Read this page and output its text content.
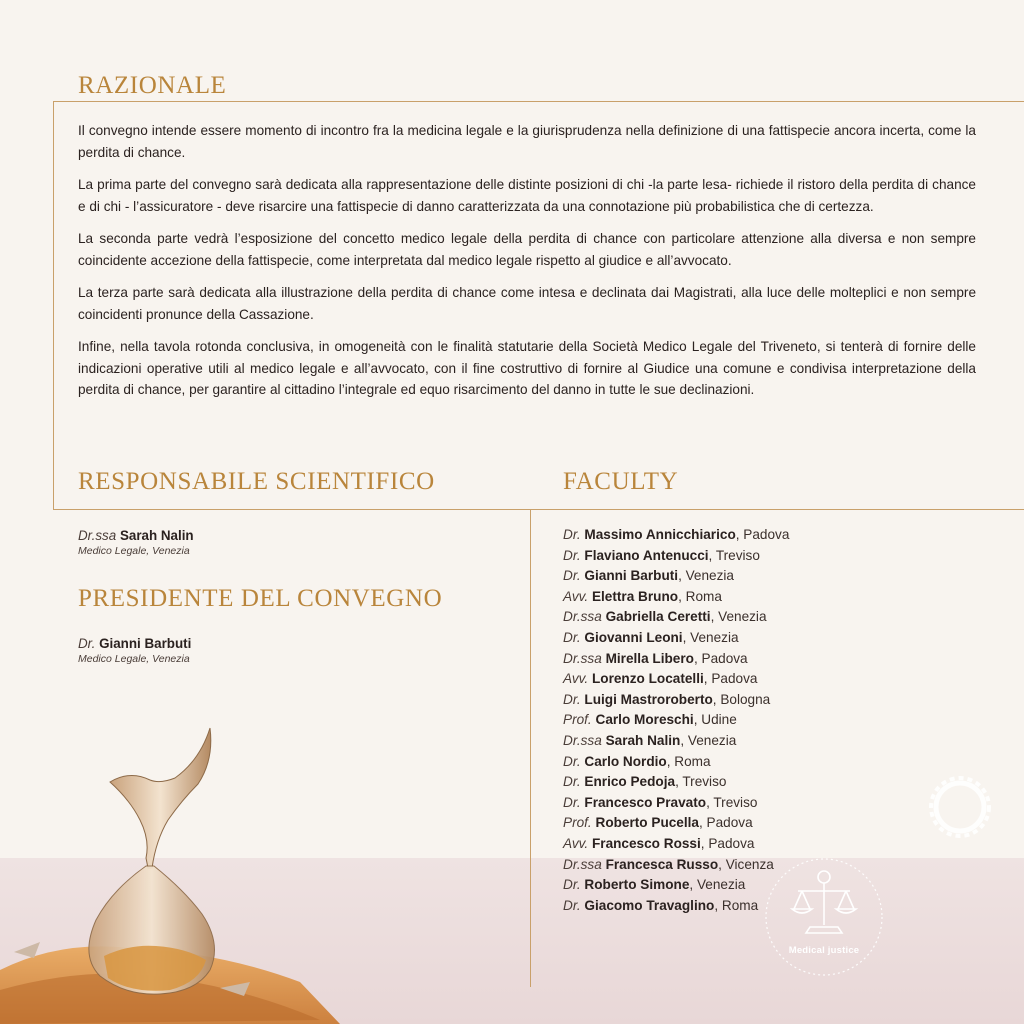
RAZIONALE

Il convegno intende essere momento di incontro fra la medicina legale e la giurisprudenza nella definizione di una fattispecie ancora incerta, come la perdita di chance.

La prima parte del convegno sarà dedicata alla rappresentazione delle distinte posizioni di chi -la parte lesa- richiede il ristoro della perdita di chance e di chi - l’assicuratore - deve risarcire una fattispecie di danno caratterizzata da una connotazione più probabilistica che di certezza.

La seconda parte vedrà l’esposizione del concetto medico legale della perdita di chance con particolare attenzione alla diversa e non sempre coincidente accezione della fattispecie, come interpretata dal medico legale rispetto al giudice e all’avvocato.

La terza parte sarà dedicata alla illustrazione della perdita di chance come intesa e declinata dai Magistrati, alla luce delle molteplici e non sempre coincidenti pronunce della Cassazione.

Infine, nella tavola rotonda conclusiva, in omogeneità con le finalità statutarie della Società Medico Legale del Triveneto, si tenterà di fornire delle indicazioni operative utili al medico legale e all’avvocato, con il fine costruttivo di fornire al Giudice una comune e condivisa interpretazione della perdita di chance, per garantire al cittadino l’integrale ed equo risarcimento del danno in tutte le sue declinazioni.

RESPONSABILE SCIENTIFICO
Dr.ssa Sarah Nalin
Medico Legale, Venezia
PRESIDENTE DEL CONVEGNO
Dr. Gianni Barbuti
Medico Legale, Venezia
FACULTY
Dr. Massimo Annicchiarico, Padova
Dr. Flaviano Antenucci, Treviso
Dr. Gianni Barbuti, Venezia
Avv. Elettra Bruno, Roma
Dr.ssa Gabriella Ceretti, Venezia
Dr. Giovanni Leoni, Venezia
Dr.ssa Mirella Libero, Padova
Avv. Lorenzo Locatelli, Padova
Dr. Luigi Mastroroberto, Bologna
Prof. Carlo Moreschi, Udine
Dr.ssa Sarah Nalin, Venezia
Dr. Carlo Nordio, Roma
Dr. Enrico Pedoja, Treviso
Dr. Francesco Pravato, Treviso
Prof. Roberto Pucella, Padova
Avv. Francesco Rossi, Padova
Dr.ssa Francesca Russo, Vicenza
Dr. Roberto Simone, Venezia
Dr. Giacomo Travaglino, Roma
Medical justice
